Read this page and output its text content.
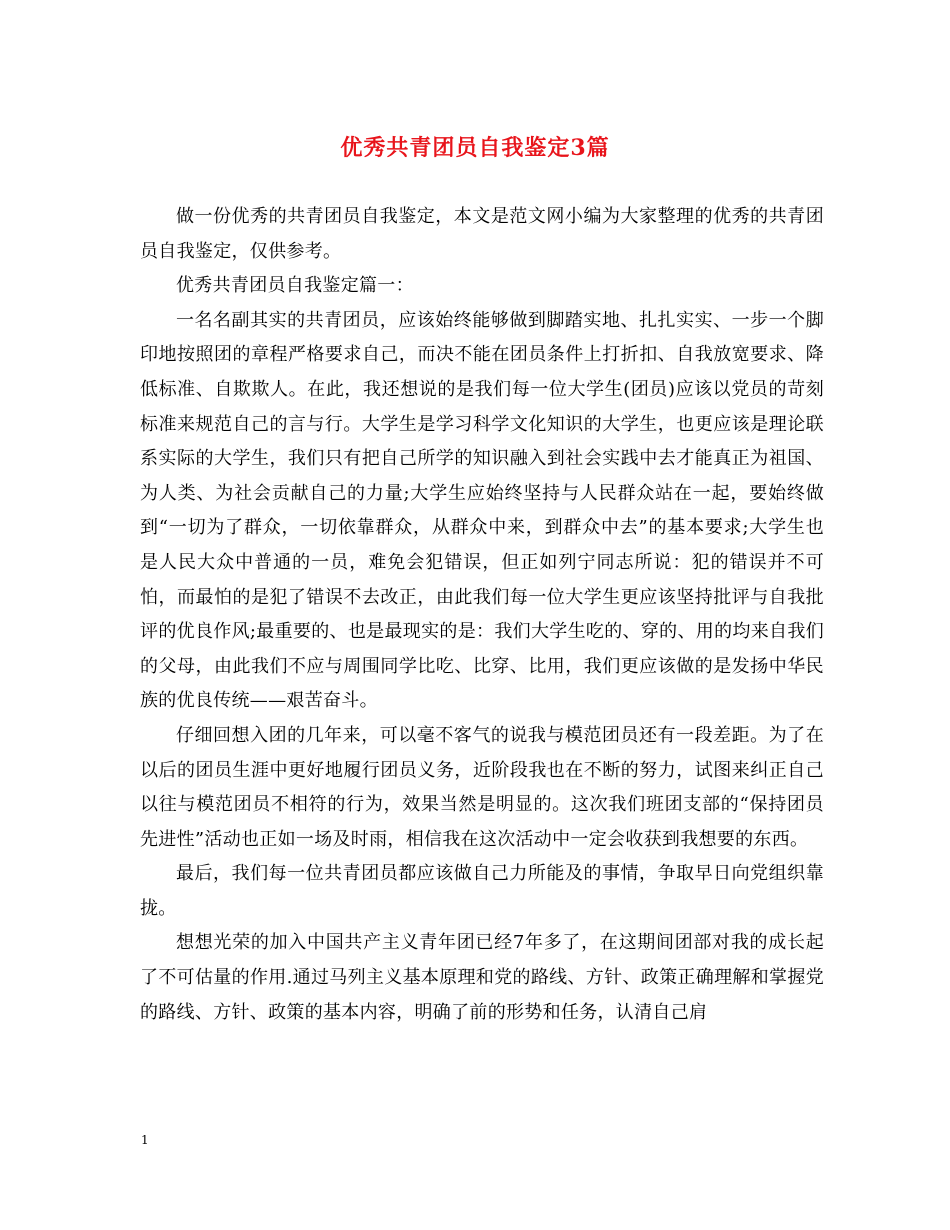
优秀共青团员自我鉴定3篇

做一份优秀的共青团员自我鉴定，本文是范文网小编为大家整理的优秀的共青团员自我鉴定，仅供参考。

优秀共青团员自我鉴定篇一：

一名名副其实的共青团员，应该始终能够做到脚踏实地、扎扎实实、一步一个脚印地按照团的章程严格要求自己，而决不能在团员条件上打折扣、自我放宽要求、降低标准、自欺欺人。在此，我还想说的是我们每一位大学生(团员)应该以党员的苛刻标准来规范自己的言与行。大学生是学习科学文化知识的大学生，也更应该是理论联系实际的大学生，我们只有把自己所学的知识融入到社会实践中去才能真正为祖国、为人类、为社会贡献自己的力量;大学生应始终坚持与人民群众站在一起，要始终做到“一切为了群众，一切依靠群众，从群众中来，到群众中去”的基本要求;大学生也是人民大众中普通的一员，难免会犯错误，但正如列宁同志所说：犯的错误并不可怕，而最怕的是犯了错误不去改正，由此我们每一位大学生更应该坚持批评与自我批评的优良作风;最重要的、也是最现实的是：我们大学生吃的、穿的、用的均来自我们的父母，由此我们不应与周围同学比吃、比穿、比用，我们更应该做的是发扬中华民族的优良传统——艰苦奋斗。

仔细回想入团的几年来，可以毫不客气的说我与模范团员还有一段差距。为了在以后的团员生涯中更好地履行团员义务，近阶段我也在不断的努力，试图来纠正自己以往与模范团员不相符的行为，效果当然是明显的。这次我们班团支部的“保持团员先进性”活动也正如一场及时雨，相信我在这次活动中一定会收获到我想要的东西。

最后，我们每一位共青团员都应该做自己力所能及的事情，争取早日向党组织靠拢。

想想光荣的加入中国共产主义青年团已经7年多了，在这期间团部对我的成长起了不可估量的作用.通过马列主义基本原理和党的路线、方针、政策正确理解和掌握党的路线、方针、政策的基本内容，明确了前的形势和任务，认清自己肩

1
